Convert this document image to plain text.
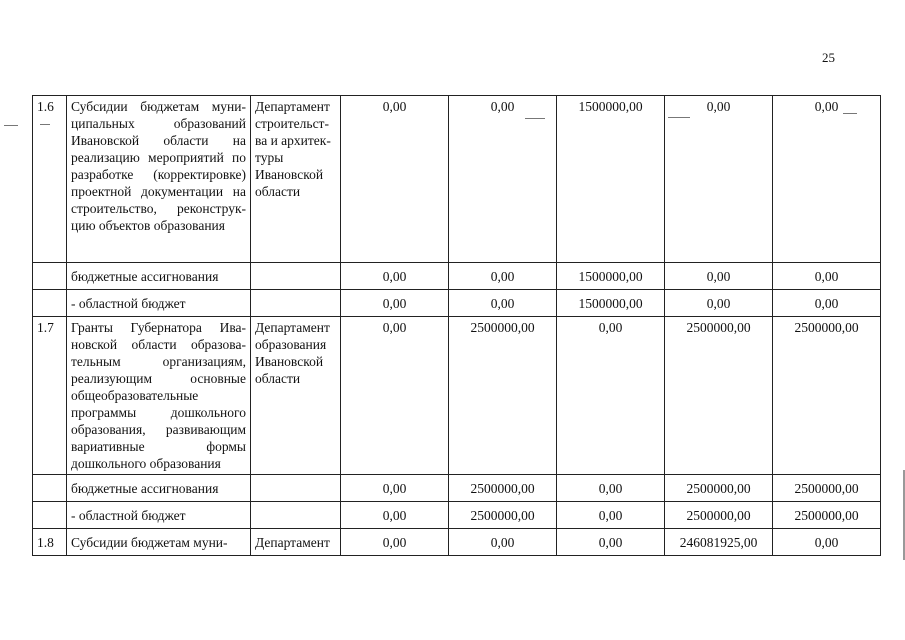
25
1.6	Субсидии бюджетам муни-ципальных образований Ивановской области на реализацию мероприятий по разработке (корректировке) проектной документации на строительство, реконструк-цию объектов образования	Департамент строительст-ва и архитек-туры Ивановской области	0,00	0,00	1500000,00	0,00	0,00
	бюджетные ассигнования		0,00	0,00	1500000,00	0,00	0,00
	- областной бюджет		0,00	0,00	1500000,00	0,00	0,00
1.7	Гранты Губернатора Ива-новской области образова-тельным организациям, реализующим основные общеобразовательные программы дошкольного образования, развивающим вариативные формы дошкольного образования	Департамент образования Ивановской области	0,00	2500000,00	0,00	2500000,00	2500000,00
	бюджетные ассигнования		0,00	2500000,00	0,00	2500000,00	2500000,00
	- областной бюджет		0,00	2500000,00	0,00	2500000,00	2500000,00
1.8	Субсидии бюджетам муни-	Департамент	0,00	0,00	0,00	246081925,00	0,00
